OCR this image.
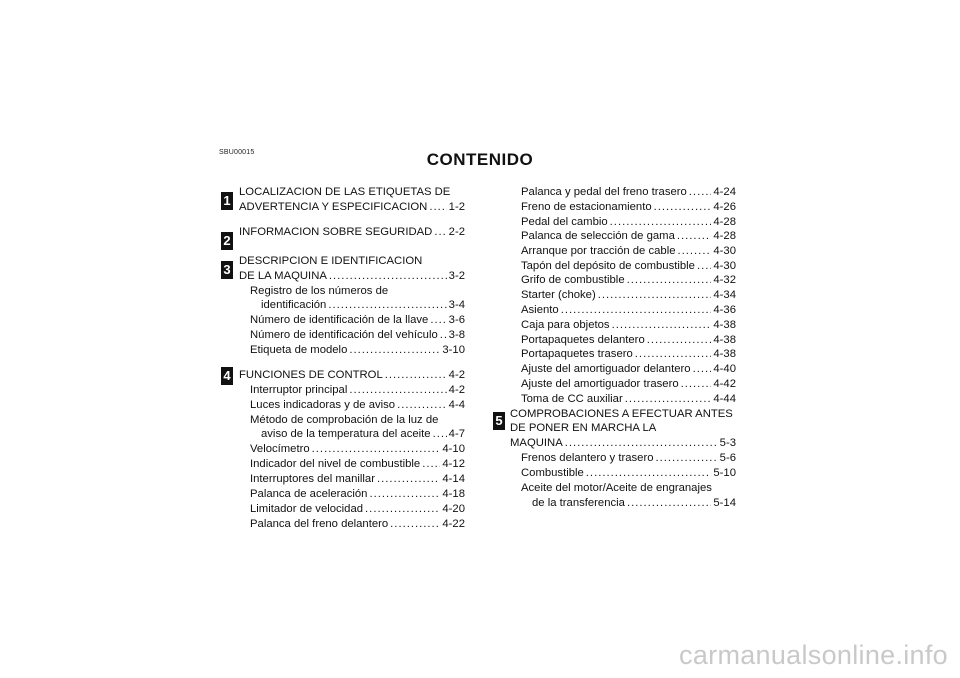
SBU00015	CONTENIDO
1
2
3
4
5
LOCALIZACION DE LAS ETIQUETAS DE
ADVERTENCIA Y ESPECIFICACION ..... 1-2
INFORMACION SOBRE SEGURIDAD ..... 2-2
DESCRIPCION E IDENTIFICACION
DE LA MAQUINA .....	3-2
Registro de los números de
identificación .....	3-4
Número de identificación de la llave ..... 3-6
Número de identificación del vehículo ..... 3-8
Etiqueta de modelo .....	3-10
FUNCIONES DE CONTROL .....	4-2
Interruptor principal .....	4-2
Luces indicadoras y de aviso .....	4-4
Método de comprobación de la luz de
aviso de la temperatura del aceite ..... 4-7
Velocímetro .....	4-10
Indicador del nivel de combustible ..... 4-12
Interruptores del manillar .....	4-14
Palanca de aceleración .....	4-18
Limitador de velocidad .....	4-20
Palanca del freno delantero .....	4-22
Palanca y pedal del freno trasero ..... 4-24
Freno de estacionamiento .....	4-26
Pedal del cambio .....	4-28
Palanca de selección de gama .....	4-28
Arranque por tracción de cable .....	4-30
Tapón del depósito de combustible ..... 4-30
Grifo de combustible .....	4-32
Starter (choke) .....	4-34
Asiento .....	4-36
Caja para objetos .....	4-38
Portapaquetes delantero .....	4-38
Portapaquetes trasero .....	4-38
Ajuste del amortiguador delantero ..... 4-40
Ajuste del amortiguador trasero .....	4-42
Toma de CC auxiliar .....	4-44
COMPROBACIONES A EFECTUAR ANTES
DE PONER EN MARCHA LA
MAQUINA .....	5-3
Frenos delantero y trasero .....	5-6
Combustible .....	5-10
Aceite del motor/Aceite de engranajes
de la transferencia .....	5-14
carmanualsonline.info
